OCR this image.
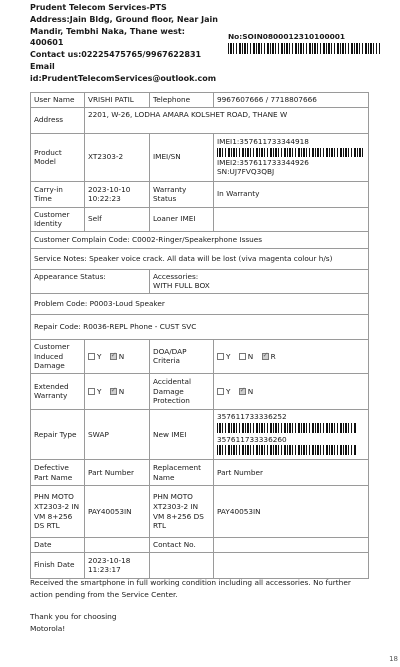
Prudent Telecom Services-PTS
Address:Jain Bldg, Ground floor, Near Jain
Mandir, Tembhi Naka, Thane west:
400601
Contact us:02225475765/9967622831
Email
id:PrudentTelecomServices@outlook.com
No:SOIN0800012310100001
User Name	VRISHI PATIL	Telephone	9967607666 / 7718807666
Address	2201, W-26, LODHA AMARA KOLSHET ROAD, THANE W		
Product Model	XT2303-2	IMEI/SN	IMEI1:357611733344918
IMEI2:357611733344926
SN:UJ7FVQ3QBJ

Carry-in Time	2023-10-10 10:22:23	Warranty Status	In Warranty
Customer Identity	Self	Loaner IMEI	
Customer Complain Code: C0002-Ringer/Speakerphone Issues			
Service Notes: Speaker voice crack. All data will be lost (viva magenta colour h/s)			
Appearance Status:		Accessories:
WITH FULL BOX	

Problem Code: P0003-Loud Speaker			
Repair Code: R0036-REPL Phone - CUST SVC			
Customer Induced Damage	Y ✓ N	DOA/DAP Criteria	Y N ✓ R
Extended Warranty	Y ✓ N	Accidental Damage Protection	Y ✓ N
Repair Type	SWAP	New IMEI	357611733336252
357611733336260

Defective Part Name	Part Number	Replacement Name	Part Number
PHN MOTO XT2303-2 IN VM 8+256 DS RTL	PAY40053IN	PHN MOTO XT2303-2 IN VM 8+256 DS RTL	PAY40053IN
Date		Contact No.	
Finish Date	2023-10-18 11:23:17		

Received the smartphone in full working condition including all accessories. No further action pending from the Service Center.

Thank you for choosing Motorola!

18
